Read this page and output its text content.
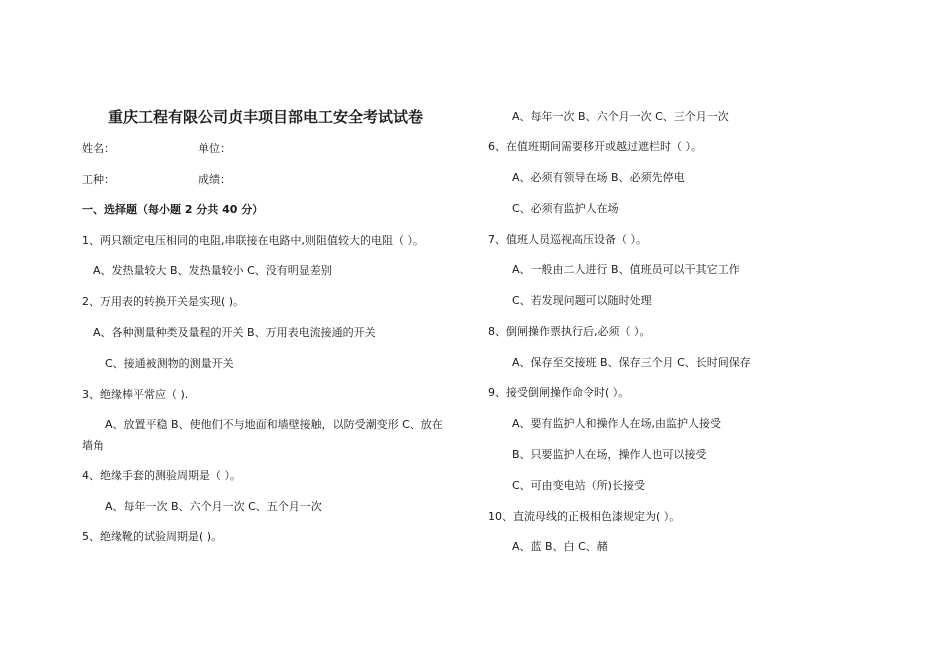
重庆工程有限公司贞丰项目部电工安全考试试卷
姓名：	单位：
工种：	成绩：
一、选择题（每小题 2 分共 40 分）
1、两只额定电压相同的电阻,串联接在电路中,则阻值较大的电阻（ ）。
A、发热量较大 B、发热量较小 C、没有明显差别
2、万用表的转换开关是实现( )。
A、各种测量种类及量程的开关 B、万用表电流接通的开关
C、接通被测物的测量开关
3、绝缘棒平常应（ ).
A、放置平稳 B、使他们不与地面和墙壁接触，以防受潮变形 C、放在
墙角
4、绝缘手套的测验周期是（ ）。
A、每年一次 B、六个月一次 C、五个月一次
5、绝缘靴的试验周期是( )。
A、每年一次 B、六个月一次 C、三个月一次
6、在值班期间需要移开或越过遮栏时（ ）。
A、必须有领导在场 B、必须先停电
C、必须有监护人在场
7、值班人员巡视高压设备（ ）。
A、一般由二人进行 B、值班员可以干其它工作
C、若发现问题可以随时处理
8、倒闸操作票执行后,必须（ ）。
A、保存至交接班 B、保存三个月 C、长时间保存
9、接受倒闸操作命令时( ）。
A、要有监护人和操作人在场,由监护人接受
B、只要监护人在场，操作人也可以接受
C、可由变电站（所)长接受
10、直流母线的正极相色漆规定为( ）。
A、蓝 B、白 C、赭
